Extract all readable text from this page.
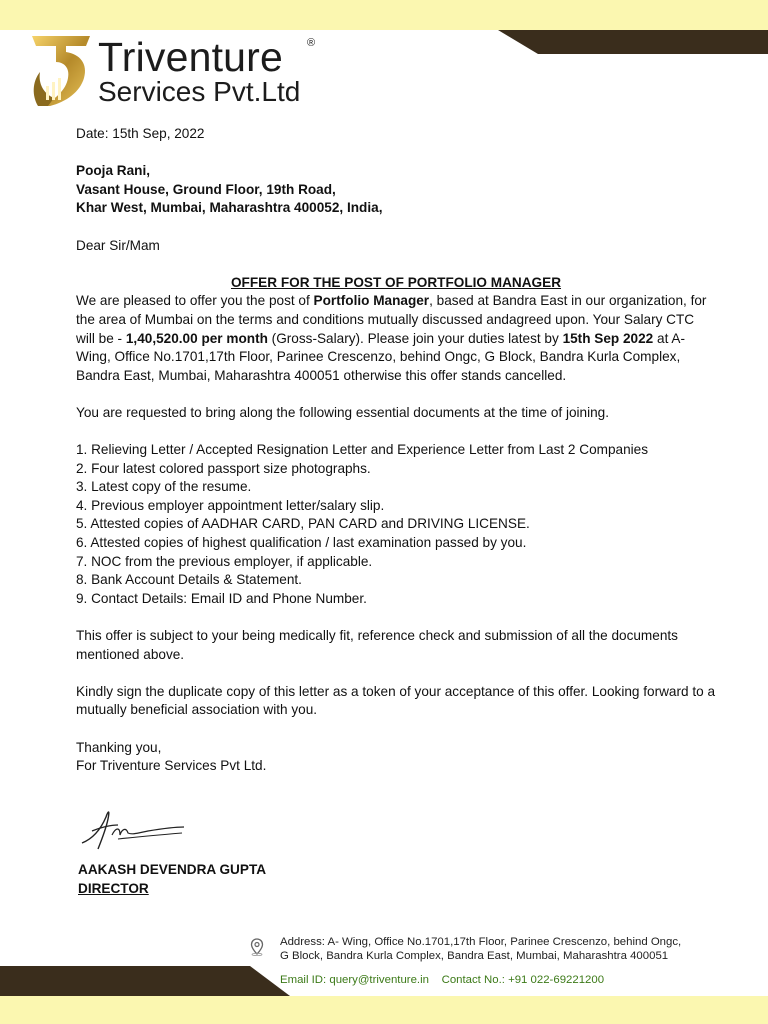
Triventure ®
Services Pvt.Ltd

Date: 15th Sep, 2022

Pooja Rani,

Vasant House, Ground Floor, 19th Road,

Khar West, Mumbai, Maharashtra 400052, India,

Dear Sir/Mam

OFFER FOR THE POST OF PORTFOLIO MANAGER

We are pleased to offer you the post of Portfolio Manager, based at Bandra East in our organization, for the area of Mumbai on the terms and conditions mutually discussed andagreed upon. Your Salary CTC will be - 1,40,520.00 per month (Gross-Salary). Please join your duties latest by 15th Sep 2022 at A- Wing, Office No.1701,17th Floor, Parinee Crescenzo, behind Ongc, G Block, Bandra Kurla Complex, Bandra East, Mumbai, Maharashtra 400051 otherwise this offer stands cancelled.

You are requested to bring along the following essential documents at the time of joining.

1. Relieving Letter / Accepted Resignation Letter and Experience Letter from Last 2 Companies
2. Four latest colored passport size photographs.
3. Latest copy of the resume.
4. Previous employer appointment letter/salary slip.
5. Attested copies of AADHAR CARD, PAN CARD and DRIVING LICENSE.
6. Attested copies of highest qualification / last examination passed by you.
7. NOC from the previous employer, if applicable.
8. Bank Account Details & Statement.
9. Contact Details: Email ID and Phone Number.

This offer is subject to your being medically fit, reference check and submission of all the documents mentioned above.

Kindly sign the duplicate copy of this letter as a token of your acceptance of this offer. Looking forward to a mutually beneficial association with you.

Thanking you,

For Triventure Services Pvt Ltd.

AAKASH DEVENDRA GUPTA
DIRECTOR
Address: A- Wing, Office No.1701,17th Floor, Parinee Crescenzo, behind Ongc,
G Block, Bandra Kurla Complex, Bandra East, Mumbai, Maharashtra 400051
Email ID: query@triventure.in    Contact No.: +91 022-69221200
